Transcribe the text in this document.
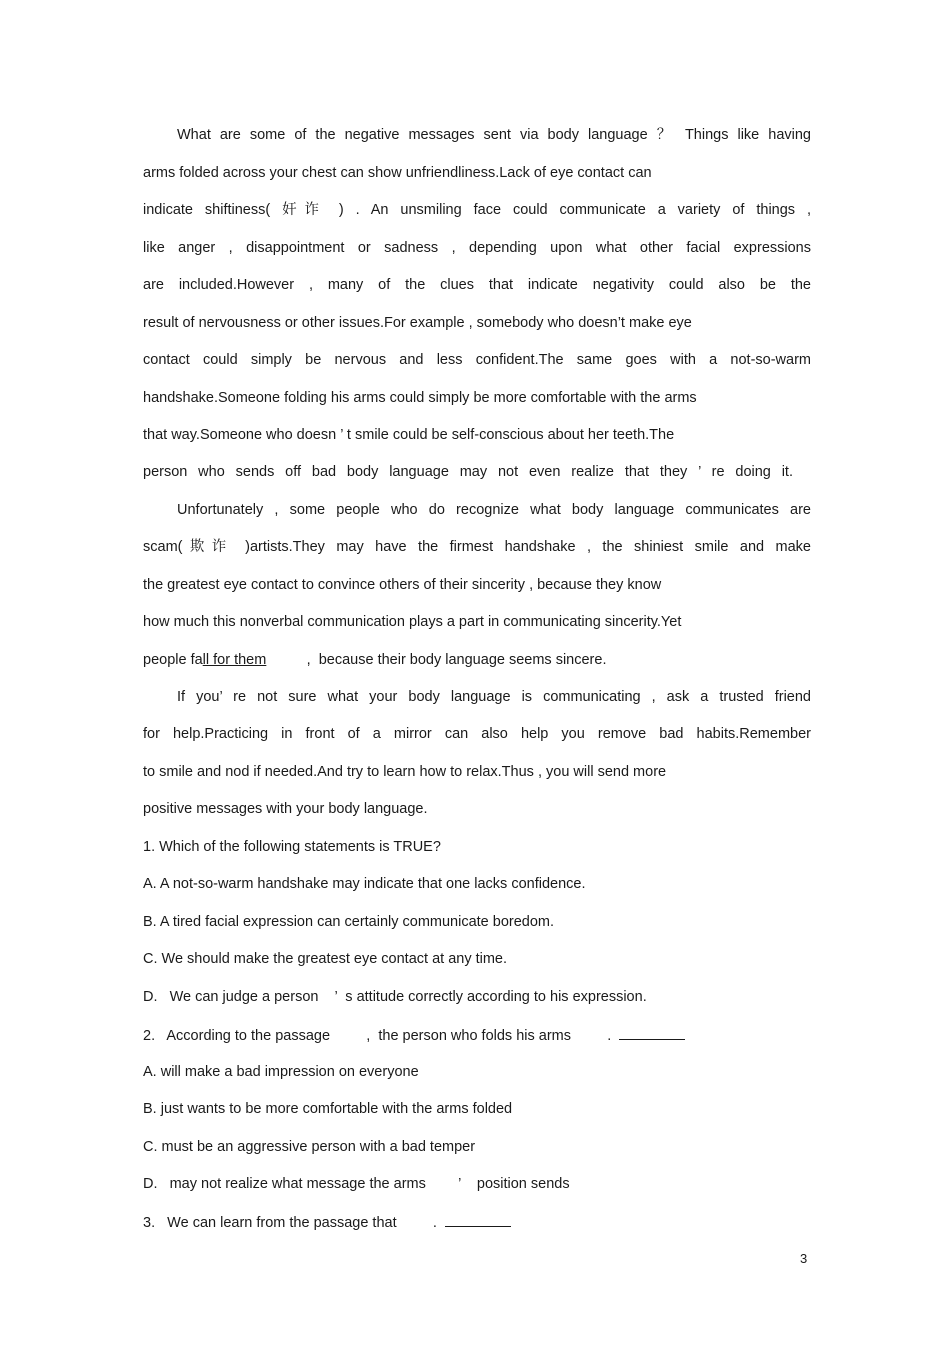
What are some of the negative messages sent via body language ？ Things like having
arms folded across your chest can show unfriendliness.Lack of eye contact can
indicate shiftiness( 奸诈 ) . An unsmiling face could communicate a variety of things ,
like anger , disappointment or sadness , depending upon what other facial expressions
are included.However , many of the clues that indicate negativity could also be the
result of nervousness or other issues.For example , somebody who doesn’t make eye
contact could simply be nervous and less confident.The same goes with a not-so-warm
handshake.Someone folding his arms could simply be more comfortable with the arms
that way.Someone who doesn ’ t smile could be self-conscious about her teeth.The
person who sends off bad body language may not even realize that they ’ re doing it.
Unfortunately , some people who do recognize what body language communicates are
scam(欺诈 )artists.They may have the firmest handshake , the shiniest smile and make
the greatest eye contact to convince others of their sincerity , because they know
how much this nonverbal communication plays a part in communicating sincerity.Yet
people fall for them          ,  because their body language seems sincere.
If you’ re not sure what your body language is communicating , ask a trusted friend
for help.Practicing in front of a mirror can also help you remove bad habits.Remember
to smile and nod if needed.And try to learn how to relax.Thus , you will send more
positive messages with your body language.
1. Which of the following statements is TRUE?
A. A not-so-warm handshake may indicate that one lacks confidence.
B. A tired facial expression can certainly communicate boredom.
C. We should make the greatest eye contact at any time.
D.   We can judge a person    ’  s attitude correctly according to his expression.
2.   According to the passage         ,  the person who folds his arms         .
A. will make a bad impression on everyone
B. just wants to be more comfortable with the arms folded
C. must be an aggressive person with a bad temper
D.   may not realize what message the arms        ’    position sends
3.   We can learn from the passage that         .
3
